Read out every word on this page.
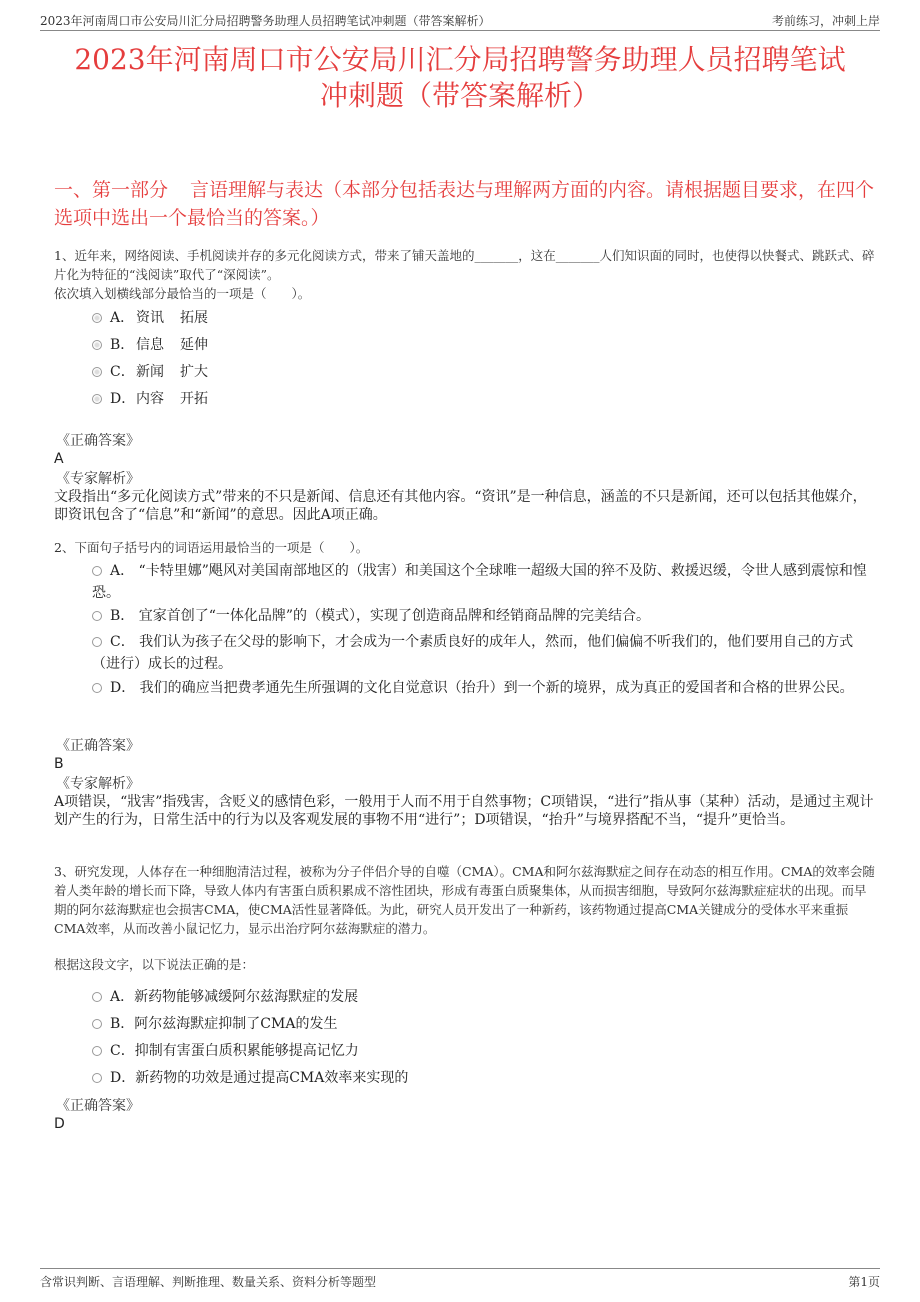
2023年河南周口市公安局川汇分局招聘警务助理人员招聘笔试冲刺题（带答案解析）	考前练习，冲刺上岸
2023年河南周口市公安局川汇分局招聘警务助理人员招聘笔试
冲刺题（带答案解析）
一、第一部分 言语理解与表达（本部分包括表达与理解两方面的内容。请根据题目要求，在四个选项中选出一个最恰当的答案。）
1、近年来，网络阅读、手机阅读并存的多元化阅读方式，带来了铺天盖地的_______，这在_______人们知识面的同时，也使得以快餐式、跳跃式、碎片化为特征的“浅阅读”取代了“深阅读”。
依次填入划横线部分最恰当的一项是（　　）。
A． 资讯 拓展
B． 信息 延伸
C．新闻 扩大
D．内容 开拓
《正确答案》
A
《专家解析》
文段指出“多元化阅读方式”带来的不只是新闻、信息还有其他内容。“资讯”是一种信息，涵盖的不只是新闻，还可以包括其他媒介，即资讯包含了“信息”和“新闻”的意思。因此A项正确。
2、下面句子括号内的词语运用最恰当的一项是（　　）。
A． “卡特里娜”飓风对美国南部地区的（戕害）和美国这个全球唯一超级大国的猝不及防、救援迟缓，令世人感到震惊和惶恐。
B． 宜家首创了“一体化品牌”的（模式），实现了创造商品牌和经销商品牌的完美结合。
C． 我们认为孩子在父母的影响下，才会成为一个素质良好的成年人，然而，他们偏偏不听我们的，他们要用自己的方式（进行）成长的过程。
D． 我们的确应当把费孝通先生所强调的文化自觉意识（抬升）到一个新的境界，成为真正的爱国者和合格的世界公民。
《正确答案》
B
《专家解析》
A项错误，“戕害”指残害，含贬义的感情色彩，一般用于人而不用于自然事物；C项错误，“进行”指从事（某种）活动，是通过主观计划产生的行为，日常生活中的行为以及客观发展的事物不用“进行”；D项错误，“抬升”与境界搭配不当，“提升”更恰当。
3、研究发现，人体存在一种细胞清洁过程，被称为分子伴侣介导的自噬（CMA）。CMA和阿尔兹海默症之间存在动态的相互作用。CMA的效率会随着人类年龄的增长而下降，导致人体内有害蛋白质积累成不溶性团块，形成有毒蛋白质聚集体，从而损害细胞，导致阿尔兹海默症症状的出现。而早期的阿尔兹海默症也会损害CMA，使CMA活性显著降低。为此，研究人员开发出了一种新药，该药物通过提高CMA关键成分的受体水平来重振CMA效率，从而改善小鼠记忆力，显示出治疗阿尔兹海默症的潜力。
根据这段文字，以下说法正确的是：
A．新药物能够减缓阿尔兹海默症的发展
B．阿尔兹海默症抑制了CMA的发生
C．抑制有害蛋白质积累能够提高记忆力
D．新药物的功效是通过提高CMA效率来实现的
《正确答案》
D
含常识判断、言语理解、判断推理、数量关系、资料分析等题型	第1页
